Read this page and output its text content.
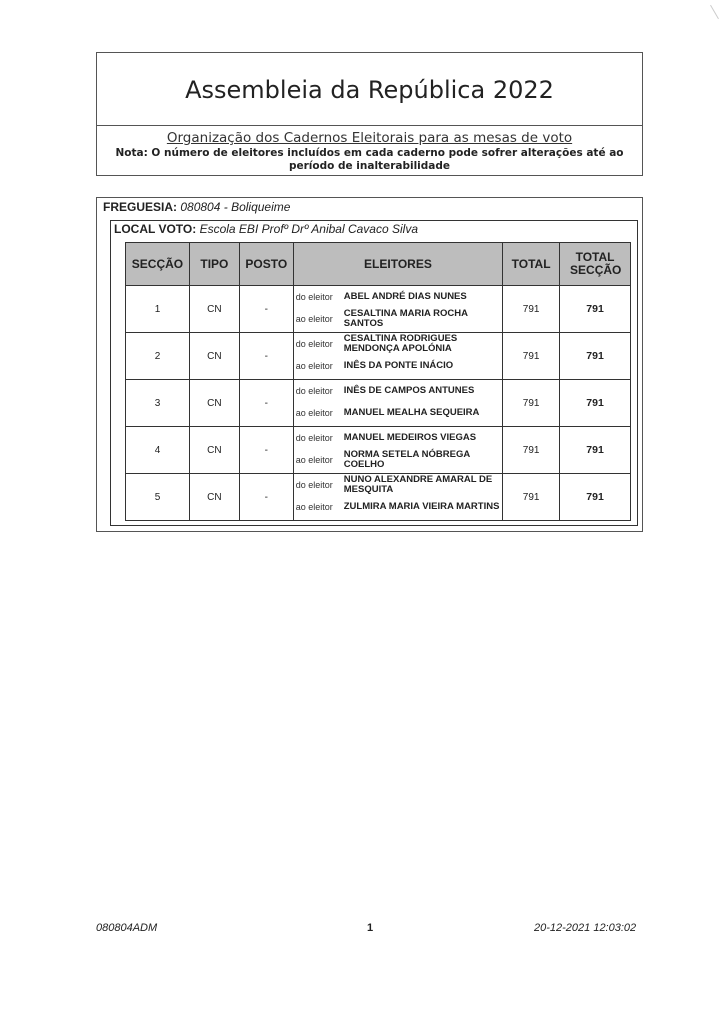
Assembleia da República 2022
Organização dos Cadernos Eleitorais para as mesas de voto
Nota: O número de eleitores incluídos em cada caderno pode sofrer alterações até ao período de inalterabilidade
FREGUESIA: 080804 - Boliqueime
LOCAL VOTO: Escola EBI Profº Drº Anibal Cavaco Silva
SECÇÃO	TIPO	POSTO	ELEITORES	TOTAL	TOTAL SECÇÃO
1	CN	-	do eleitor ABEL ANDRÉ DIAS NUNES
ao eleitor CESALTINA MARIA ROCHA SANTOS	791	791
2	CN	-	do eleitor CESALTINA RODRIGUES MENDONÇA APOLÓNIA
ao eleitor INÊS DA PONTE INÁCIO	791	791
3	CN	-	do eleitor INÊS DE CAMPOS ANTUNES
ao eleitor MANUEL MEALHA SEQUEIRA	791	791
4	CN	-	do eleitor MANUEL MEDEIROS VIEGAS
ao eleitor NORMA SETELA NÓBREGA COELHO	791	791
5	CN	-	do eleitor NUNO ALEXANDRE AMARAL DE MESQUITA
ao eleitor ZULMIRA MARIA VIEIRA MARTINS	791	791
080804ADM	1	20-12-2021 12:03:02
